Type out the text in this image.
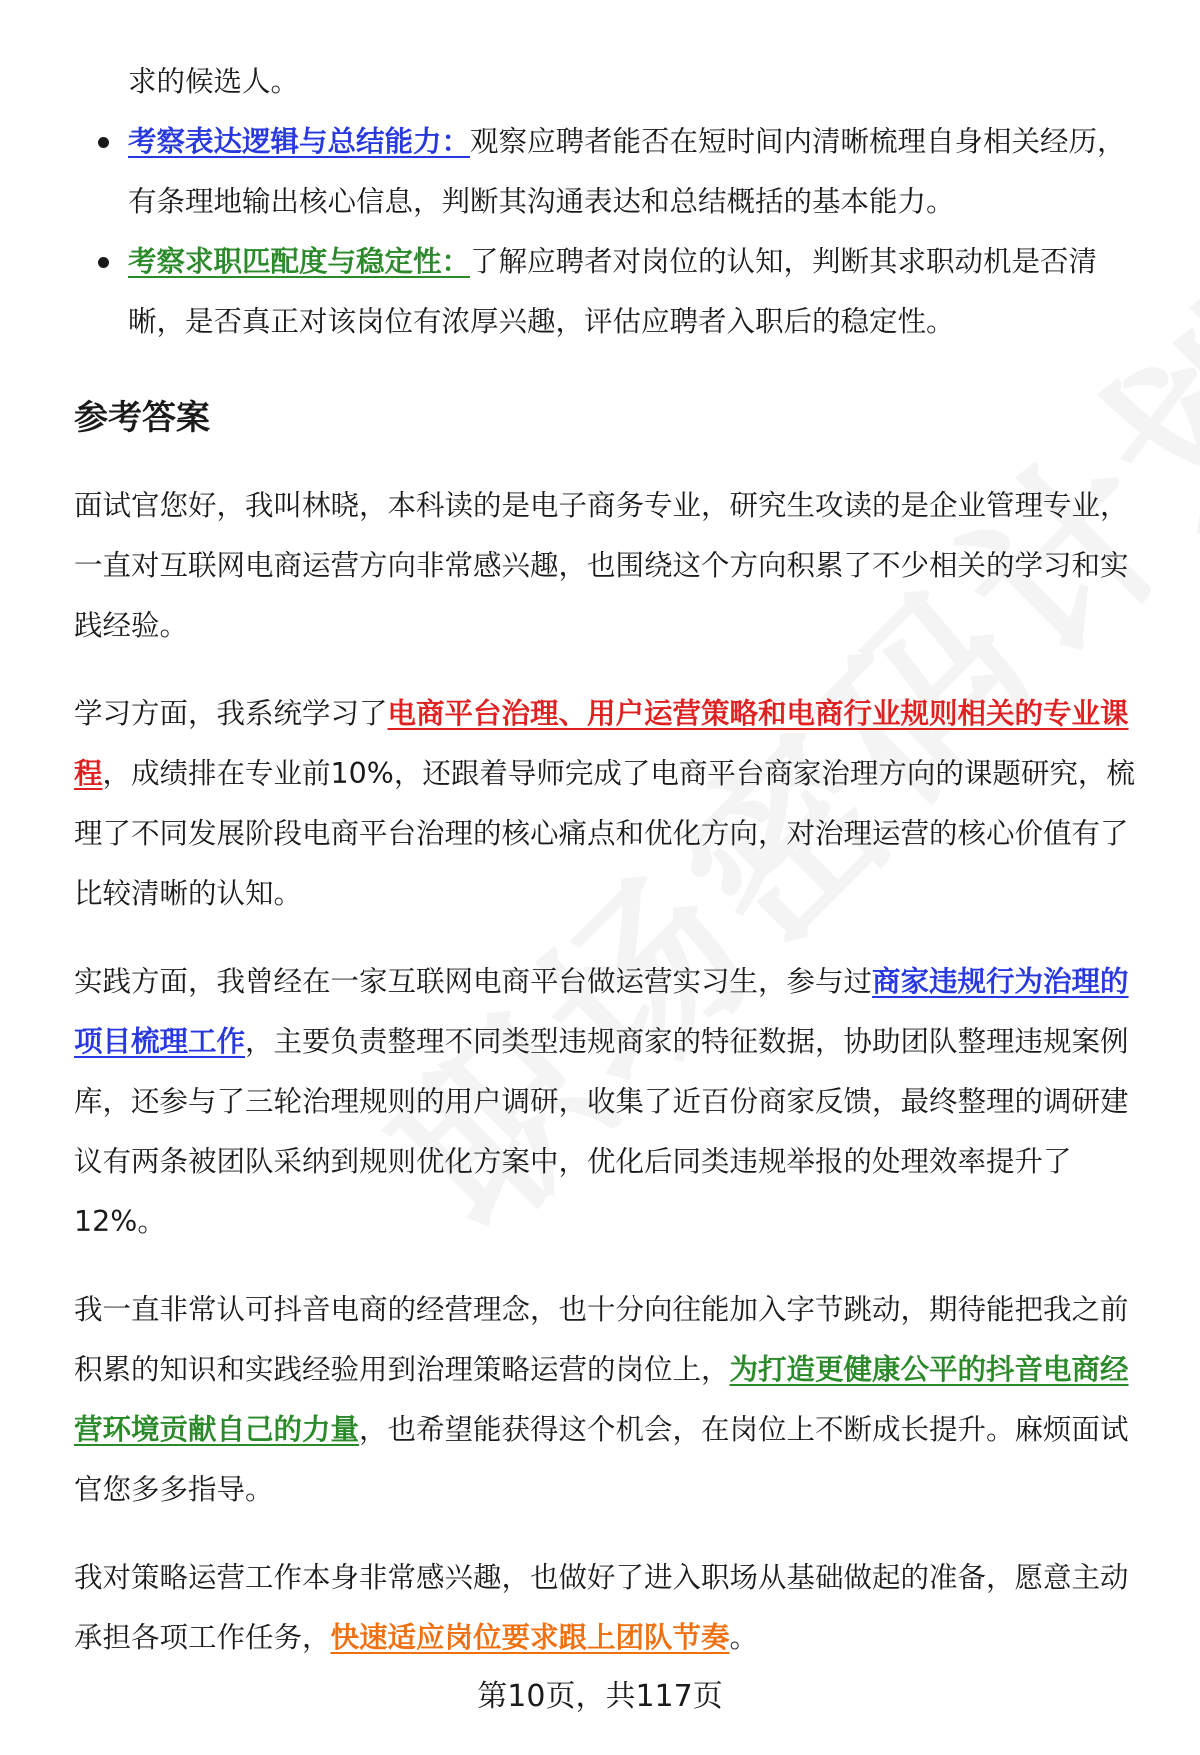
求的候选人。
考察表达逻辑与总结能力：观察应聘者能否在短时间内清晰梳理自身相关经历，有条理地输出核心信息，判断其沟通表达和总结概括的基本能力。
考察求职匹配度与稳定性：了解应聘者对岗位的认知，判断其求职动机是否清晰，是否真正对该岗位有浓厚兴趣，评估应聘者入职后的稳定性。
参考答案

面试官您好，我叫林晓，本科读的是电子商务专业，研究生攻读的是企业管理专业，一直对互联网电商运营方向非常感兴趣，也围绕这个方向积累了不少相关的学习和实践经验。

学习方面，我系统学习了电商平台治理、用户运营策略和电商行业规则相关的专业课程，成绩排在专业前10%，还跟着导师完成了电商平台商家治理方向的课题研究，梳理了不同发展阶段电商平台治理的核心痛点和优化方向，对治理运营的核心价值有了比较清晰的认知。

实践方面，我曾经在一家互联网电商平台做运营实习生，参与过商家违规行为治理的项目梳理工作，主要负责整理不同类型违规商家的特征数据，协助团队整理违规案例库，还参与了三轮治理规则的用户调研，收集了近百份商家反馈，最终整理的调研建议有两条被团队采纳到规则优化方案中，优化后同类违规举报的处理效率提升了12%。

我一直非常认可抖音电商的经营理念，也十分向往能加入字节跳动，期待能把我之前积累的知识和实践经验用到治理策略运营的岗位上，为打造更健康公平的抖音电商经营环境贡献自己的力量，也希望能获得这个机会，在岗位上不断成长提升。麻烦面试官您多多指导。

我对策略运营工作本身非常感兴趣，也做好了进入职场从基础做起的准备，愿意主动承担各项工作任务，快速适应岗位要求跟上团队节奏。

第10页，共117页
